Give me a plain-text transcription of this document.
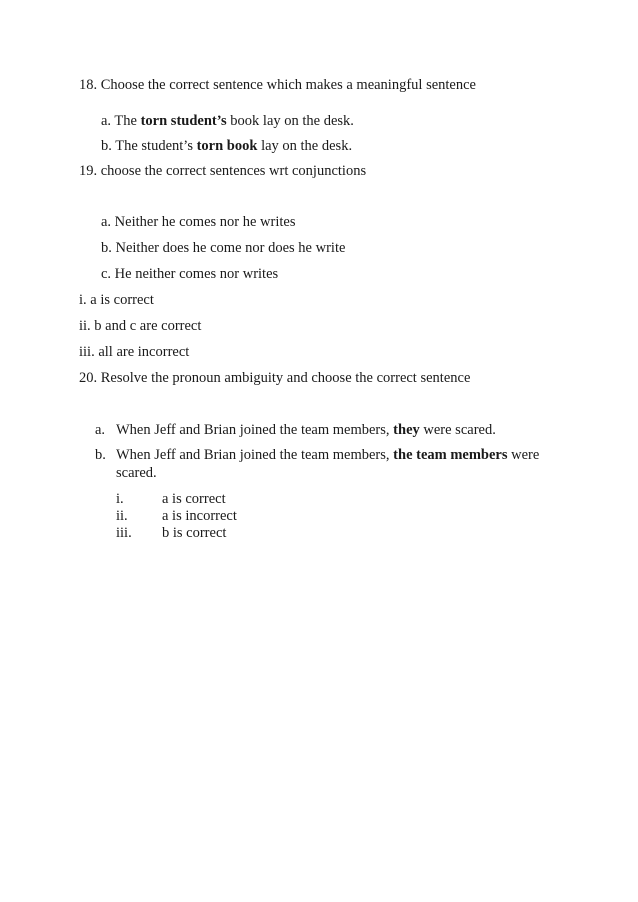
18. Choose the correct sentence which makes a meaningful sentence
a. The torn student’s book lay on the desk.
b. The student’s torn book lay on the desk.
19. choose the correct sentences wrt conjunctions
a. Neither he comes nor he writes
b. Neither does he come nor does he write
c. He neither comes nor writes
i. a is correct
ii. b and c are correct
iii. all are incorrect
20. Resolve the pronoun ambiguity and choose the correct sentence
a. When Jeff and Brian joined the team members, they were scared.
b. When Jeff and Brian joined the team members, the team members were scared.
i.	a is correct
ii. a is incorrect
iii. b is correct
